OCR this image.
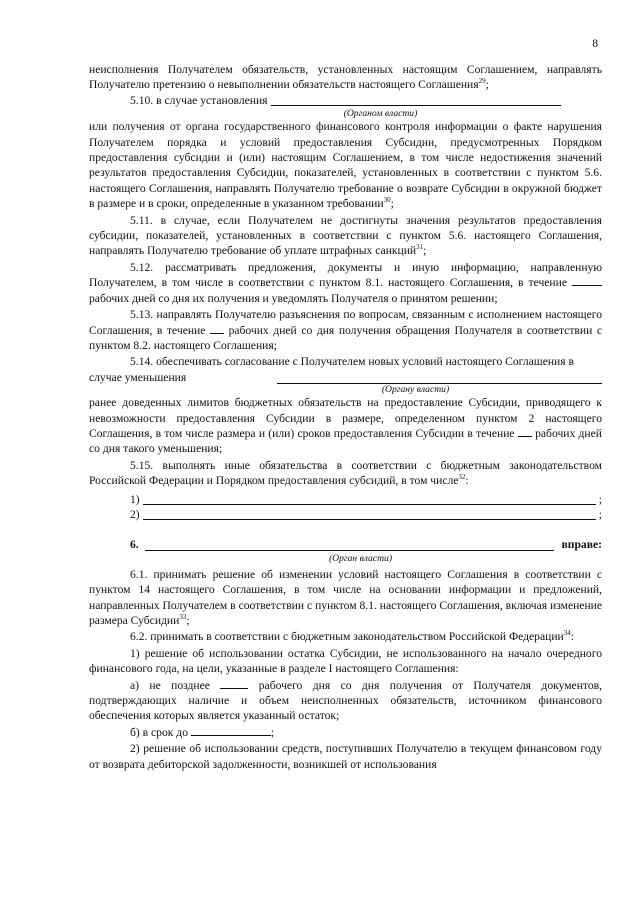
8

неисполнения Получателем обязательств, установленных настоящим Соглашением, направлять Получателю претензию о невыполнении обязательств настоящего Соглашения$^{29}$;

5.10. в случае установления
(Органом власти)

или получения от органа государственного финансового контроля информации о факте нарушения Получателем порядка и условий предоставления Субсидии, предусмотренных Порядком предоставления субсидии и (или) настоящим Соглашением, в том числе недостижения значений результатов предоставления Субсидии, показателей, установленных в соответствии с пунктом 5.6. настоящего Соглашения, направлять Получателю требование о возврате Субсидии в окружной бюджет в размере и в сроки, определенные в указанном требовании$^{30}$;

5.11. в случае, если Получателем не достигнуты значения результатов предоставления субсидии, показателей, установленных в соответствии с пунктом 5.6. настоящего Соглашения, направлять Получателю требование об уплате штрафных санкций$^{31}$;

5.12. рассматривать предложения, документы и иную информацию, направленную Получателем, в том числе в соответствии с пунктом 8.1. настоящего Соглашения, в течение  рабочих дней со дня их получения и уведомлять Получателя о принятом решении;

5.13. направлять Получателю разъяснения по вопросам, связанным с исполнением настоящего Соглашения, в течение рабочих дней со дня получения обращения Получателя в соответствии с пунктом 8.2. настоящего Соглашения;

5.14. обеспечивать согласование с Получателем новых условий настоящего Соглашения в случае уменьшения
(Органу власти)

ранее доведенных лимитов бюджетных обязательств на предоставление Субсидии, приводящего к невозможности предоставления Субсидии в размере, определенном пунктом 2 настоящего Соглашения, в том числе размера и (или) сроков предоставления Субсидии в течение рабочих дней со дня такого уменьшения;

5.15. выполнять иные обязательства в соответствии с бюджетным законодательством Российской Федерации и Порядком предоставления субсидий, в том числе$^{32}$:

1)	;
2)	;
6.	вправе:
(Орган власти)

6.1. принимать решение об изменении условий настоящего Соглашения в соответствии с пунктом 14 настоящего Соглашения, в том числе на основании информации и предложений, направленных Получателем в соответствии с пунктом 8.1. настоящего Соглашения, включая изменение размера Субсидии$^{33}$;

6.2. принимать в соответствии с бюджетным законодательством Российской Федерации$^{34}$:

1) решение об использовании остатка Субсидии, не использованного на начало очередного финансового года, на цели, указанные в разделе I настоящего Соглашения:

а) не позднее	рабочего дня со дня получения от Получателя документов, подтверждающих наличие и объем неисполненных обязательств, источником финансового обеспечения которых является указанный остаток;

б) в срок до	;

2) решение об использовании средств, поступивших Получателю в текущем финансовом году от возврата дебиторской задолженности, возникшей от использования
